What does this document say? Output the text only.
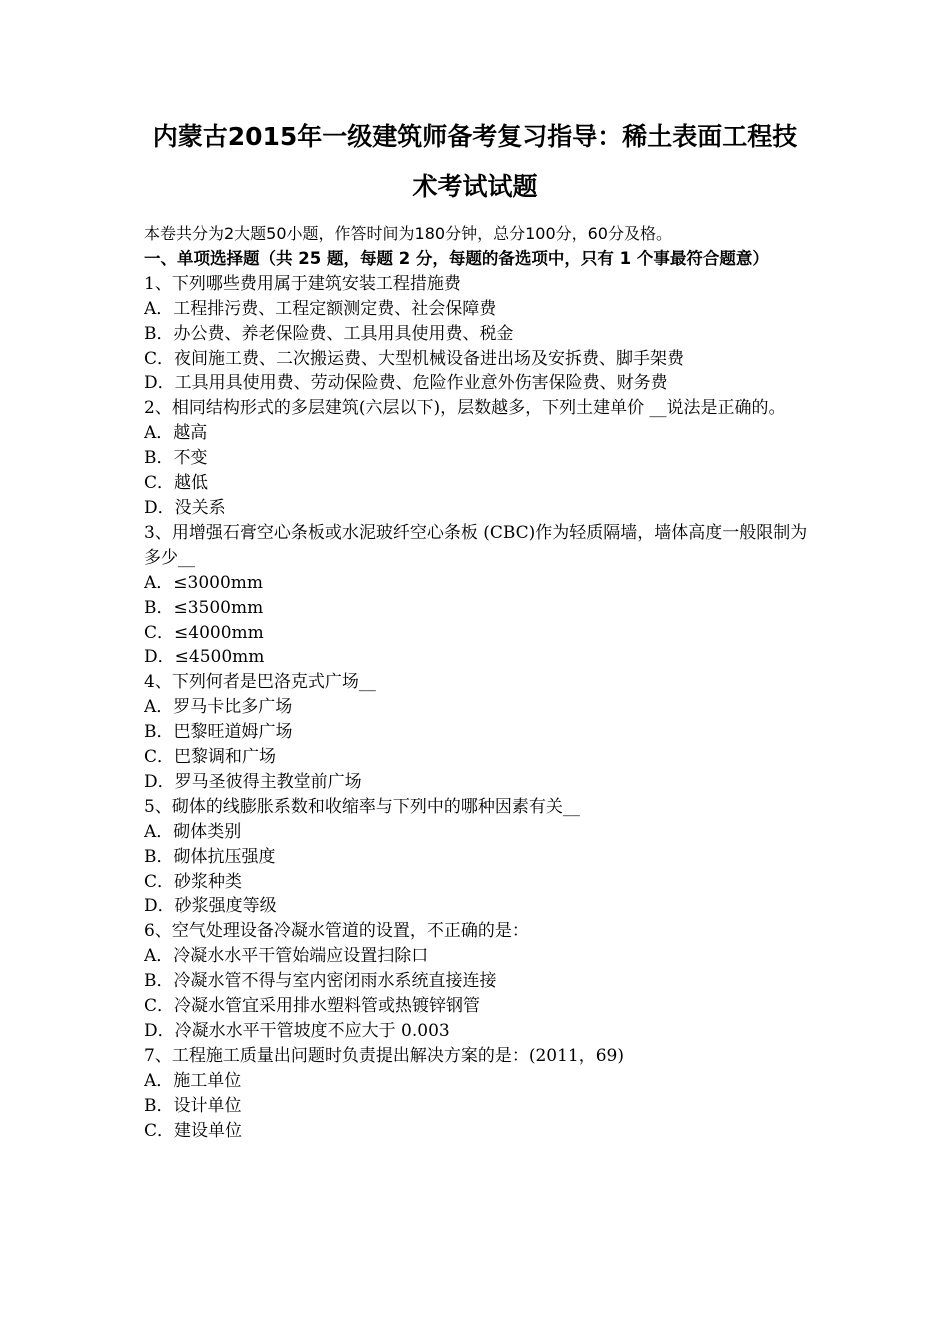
内蒙古2015年一级建筑师备考复习指导：稀土表面工程技
术考试试题
本卷共分为2大题50小题，作答时间为180分钟，总分100分，60分及格。
一、单项选择题（共 25 题，每题 2 分，每题的备选项中，只有 1 个事最符合题意）
1、下列哪些费用属于建筑安装工程措施费
A．工程排污费、工程定额测定费、社会保障费
B．办公费、养老保险费、工具用具使用费、税金
C．夜间施工费、二次搬运费、大型机械设备进出场及安拆费、脚手架费
D．工具用具使用费、劳动保险费、危险作业意外伤害保险费、财务费
2、相同结构形式的多层建筑(六层以下)，层数越多，下列土建单价 __说法是正确的。
A．越高
B．不变
C．越低
D．没关系
3、用增强石膏空心条板或水泥玻纤空心条板 (CBC)作为轻质隔墙，墙体高度一般限制为多少__
A．≤3000mm
B．≤3500mm
C．≤4000mm
D．≤4500mm
4、下列何者是巴洛克式广场__
A．罗马卡比多广场
B．巴黎旺道姆广场
C．巴黎调和广场
D．罗马圣彼得主教堂前广场
5、砌体的线膨胀系数和收缩率与下列中的哪种因素有关__
A．砌体类别
B．砌体抗压强度
C．砂浆种类
D．砂浆强度等级
6、空气处理设备冷凝水管道的设置，不正确的是：
A．冷凝水水平干管始端应设置扫除口
B．冷凝水管不得与室内密闭雨水系统直接连接
C．冷凝水管宜采用排水塑料管或热镀锌钢管
D．冷凝水水平干管坡度不应大于 0.003
7、工程施工质量出问题时负责提出解决方案的是：(2011，69)
A．施工单位
B．设计单位
C．建设单位
